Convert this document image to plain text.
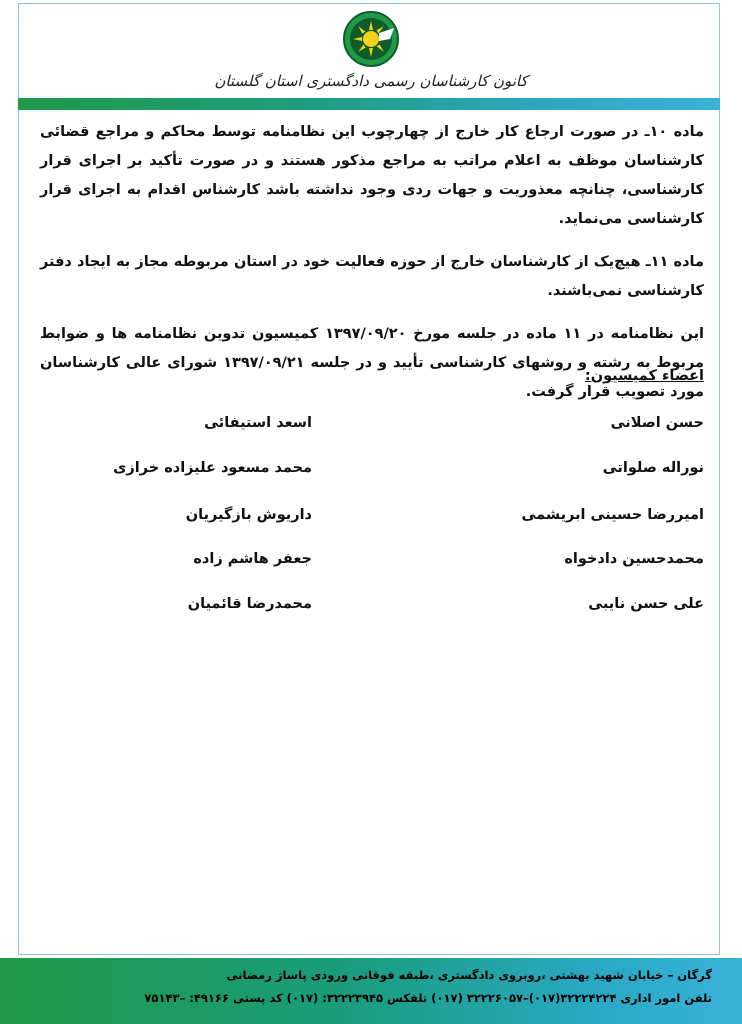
کانون کارشناسان رسمی دادگستری استان گلستان

ماده ۱۰ـ در صورت ارجاع کار خارج از چهارچوب این نظامنامه توسط محاکم و مراجع قضائی کارشناسان موظف به اعلام مراتب به مراجع مذکور هستند و در صورت تأکید بر اجرای قرار کارشناسی، چنانچه معذوریت و جهات ردی وجود نداشته باشد کارشناس اقدام به اجرای قرار کارشناسی می‌نماید.

ماده ۱۱ـ هیچ‌یک از کارشناسان خارج از حوزه فعالیت خود در استان مربوطه مجاز به ایجاد دفتر کارشناسی نمی‌باشند.

این نظامنامه در ۱۱ ماده در جلسه مورخ ۱۳۹۷/۰۹/۲۰ کمیسیون تدوین نظامنامه ها و ضوابط مربوط به رشته و روشهای کارشناسی تأیید و در جلسه ۱۳۹۷/۰۹/۲۱ شورای عالی کارشناسان مورد تصویب قرار گرفت.

اعضاء کمیسیون:
حسن اصلانی
اسعد استیفائی
نوراله صلواتی
محمد مسعود علیزاده خرازی
امیررضا حسینی ابریشمی
داریوش بازگیریان
محمدحسین دادخواه
جعفر هاشم زاده
علی حسن نایبی
محمدرضا قائمیان
گرگان – خیابان شهید بهشتی ،روبروی دادگستری ،طبقه فوقانی ورودی پاساژ رمضانی
تلفن امور اداری ۳۲۲۲۴۲۲۴(۰۱۷)–۳۲۲۲۶۰۵۷ (۰۱۷) تلفکس ۳۲۲۲۳۹۴۵: (۰۱۷) کد پستی ۴۹۱۶۶: –۷۵۱۴۳
